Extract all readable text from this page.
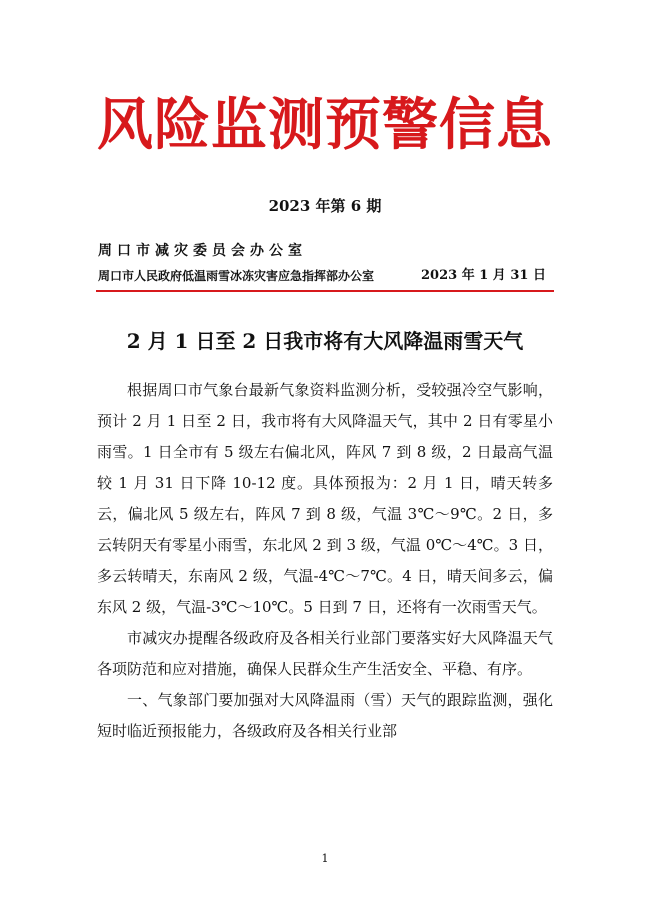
风险监测预警信息
2023 年第 6 期
周口市减灾委员会办公室
周口市人民政府低温雨雪冰冻灾害应急指挥部办公室	2023 年 1 月 31 日
2 月 1 日至 2 日我市将有大风降温雨雪天气

根据周口市气象台最新气象资料监测分析，受较强冷空气影响，预计 2 月 1 日至 2 日，我市将有大风降温天气，其中 2 日有零星小雨雪。1 日全市有 5 级左右偏北风，阵风 7 到 8 级，2 日最高气温较 1 月 31 日下降 10-12 度。具体预报为：2 月 1 日，晴天转多云，偏北风 5 级左右，阵风 7 到 8 级，气温 3℃～9℃。2 日，多云转阴天有零星小雨雪，东北风 2 到 3 级，气温 0℃～4℃。3 日，多云转晴天，东南风 2 级，气温-4℃～7℃。4 日，晴天间多云，偏东风 2 级，气温-3℃～10℃。5 日到 7 日，还将有一次雨雪天气。

市减灾办提醒各级政府及各相关行业部门要落实好大风降温天气各项防范和应对措施，确保人民群众生产生活安全、平稳、有序。

一、气象部门要加强对大风降温雨（雪）天气的跟踪监测，强化短时临近预报能力，各级政府及各相关行业部

1
